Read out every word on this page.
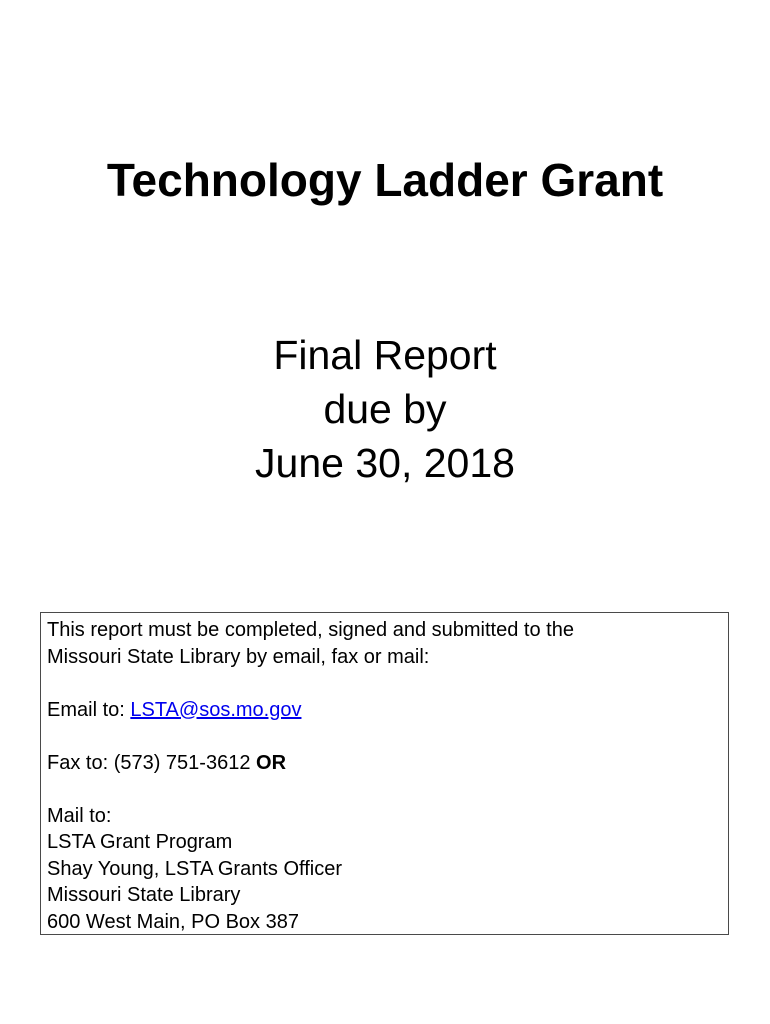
Technology Ladder Grant
Final Report
due by
June 30, 2018
This report must be completed, signed and submitted to the
Missouri State Library by email, fax or mail:
Email to: LSTA@sos.mo.gov
Fax to: (573) 751-3612 OR
Mail to:
LSTA Grant Program
Shay Young, LSTA Grants Officer
Missouri State Library
600 West Main, PO Box 387
